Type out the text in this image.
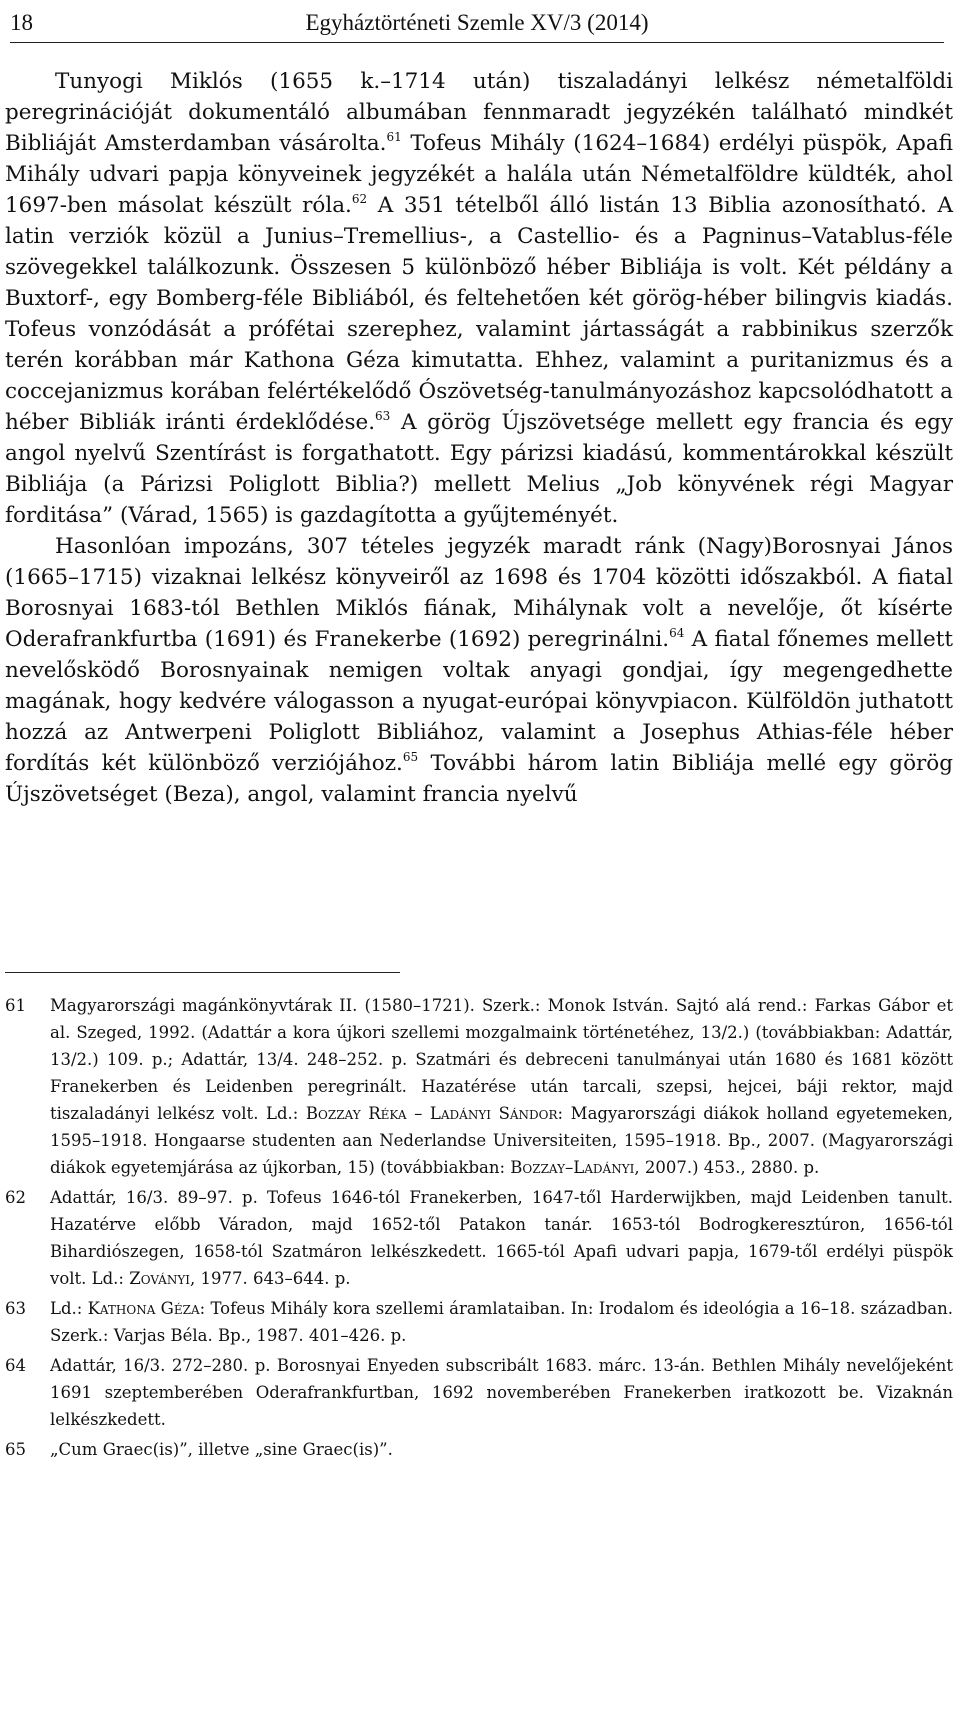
18	Egyháztörténeti Szemle XV/3 (2014)

Tunyogi Miklós (1655 k.–1714 után) tiszaladányi lelkész németalföldi peregrinációját dokumentáló albumában fennmaradt jegyzékén található mindkét Bibliáját Amsterdamban vásárolta.$^{61}$ Tofeus Mihály (1624–1684) erdélyi püspök, Apafi Mihály udvari papja könyveinek jegyzékét a halála után Németalföldre küldték, ahol 1697-ben másolat készült róla.$^{62}$ A 351 tételből álló listán 13 Biblia azonosítható. A latin verziók közül a Junius–Tremellius-, a Castellio- és a Pagninus–Vatablus-féle szövegekkel találkozunk. Összesen 5 különböző héber Bibliája is volt. Két példány a Buxtorf-, egy Bomberg-féle Bibliából, és feltehetően két görög-héber bilingvis kiadás. Tofeus vonzódását a prófétai szerephez, valamint jártasságát a rabbinikus szerzők terén korábban már Kathona Géza kimutatta. Ehhez, valamint a puritanizmus és a coccejanizmus korában felértékelődő Ószövetség-tanulmányozáshoz kapcsolódhatott a héber Bibliák iránti érdeklődése.$^{63}$ A görög Újszövetsége mellett egy francia és egy angol nyelvű Szentírást is forgathatott. Egy párizsi kiadású, kommentárokkal készült Bibliája (a Párizsi Poliglott Biblia?) mellett Melius „Job könyvének régi Magyar forditása” (Várad, 1565) is gazdagította a gyűjteményét.

Hasonlóan impozáns, 307 tételes jegyzék maradt ránk (Nagy)Borosnyai János (1665–1715) vizaknai lelkész könyveiről az 1698 és 1704 közötti időszakból. A fiatal Borosnyai 1683-tól Bethlen Miklós fiának, Mihálynak volt a nevelője, őt kísérte Oderafrankfurtba (1691) és Franekerbe (1692) peregrinálni.$^{64}$ A fiatal főnemes mellett nevelősködő Borosnyainak nemigen voltak anyagi gondjai, így megengedhette magának, hogy kedvére válogasson a nyugat-európai könyvpiacon. Külföldön juthatott hozzá az Antwerpeni Poliglott Bibliához, valamint a Josephus Athias-féle héber fordítás két különböző verziójához.$^{65}$ További három latin Bibliája mellé egy görög Újszövetséget (Beza), angol, valamint francia nyelvű

61 Magyarországi magánkönyvtárak II. (1580–1721). Szerk.: Monok István. Sajtó alá rend.: Farkas Gábor et al. Szeged, 1992. (Adattár a kora újkori szellemi mozgalmaink történetéhez, 13/2.) (továbbiakban: Adattár, 13/2.) 109. p.; Adattár, 13/4. 248–252. p. Szatmári és debreceni tanulmányai után 1680 és 1681 között Franekerben és Leidenben peregrinált. Hazatérése után tarcali, szepsi, hejcei, báji rektor, majd tiszaladányi lelkész volt. Ld.: Bozzay Réka – Ladányi Sándor: Magyarországi diákok holland egyetemeken, 1595–1918. Hongaarse studenten aan Nederlandse Universiteiten, 1595–1918. Bp., 2007. (Magyarországi diákok egyetemjárása az újkorban, 15) (továbbiakban: Bozzay–Ladányi, 2007.) 453., 2880. p.
62 Adattár, 16/3. 89–97. p. Tofeus 1646-tól Franekerben, 1647-től Harderwijkben, majd Leidenben tanult. Hazatérve előbb Váradon, majd 1652-től Patakon tanár. 1653-tól Bodrogkeresztúron, 1656-tól Bihardiószegen, 1658-tól Szatmáron lelkészkedett. 1665-tól Apafi udvari papja, 1679-től erdélyi püspök volt. Ld.: Zoványi, 1977. 643–644. p.
63 Ld.: Kathona Géza: Tofeus Mihály kora szellemi áramlataiban. In: Irodalom és ideológia a 16–18. században. Szerk.: Varjas Béla. Bp., 1987. 401–426. p.
64 Adattár, 16/3. 272–280. p. Borosnyai Enyeden subscribált 1683. márc. 13-án. Bethlen Mihály nevelőjeként 1691 szeptemberében Oderafrankfurtban, 1692 novemberében Franekerben iratkozott be. Vizaknán lelkészkedett.
65 „Cum Graec(is)”, illetve „sine Graec(is)”.
